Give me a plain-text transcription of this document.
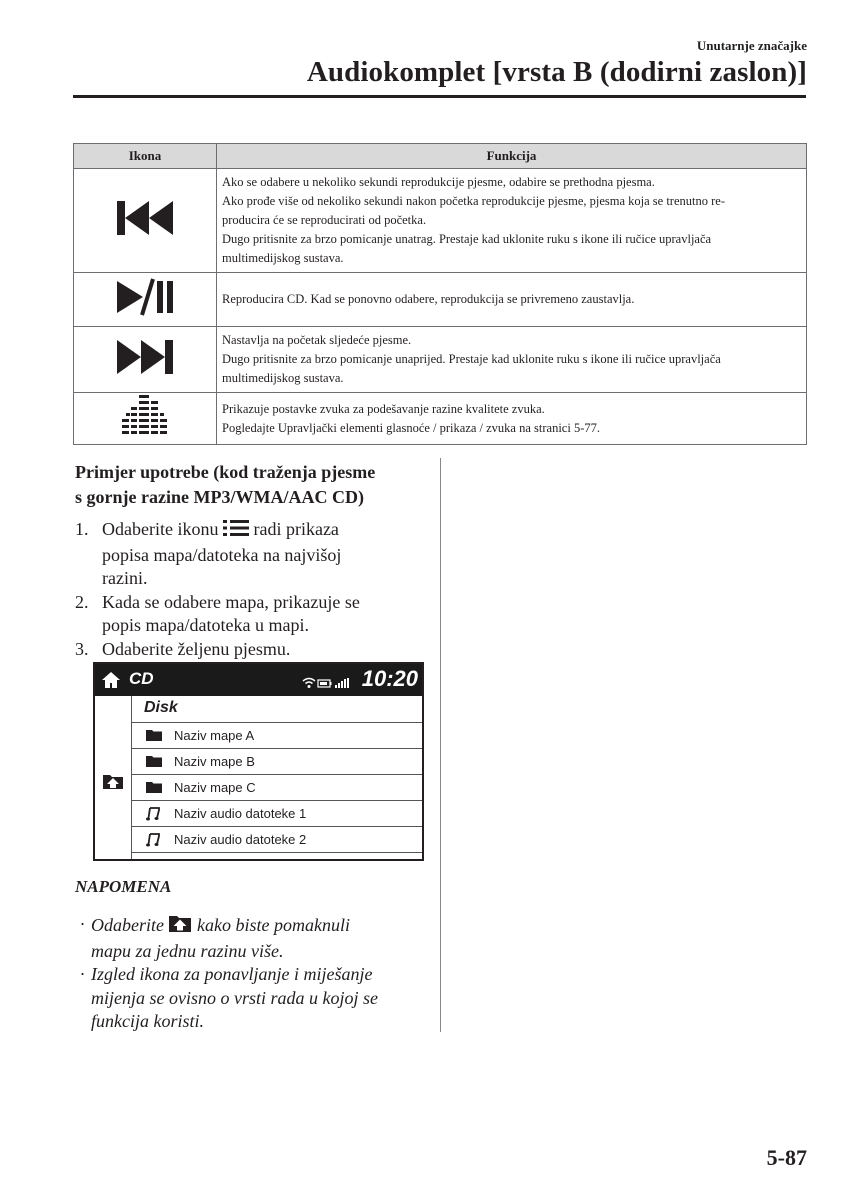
Unutarnje značajke
Audiokomplet [vrsta B (dodirni zaslon)]
Ikona	Funkcija

Ako se odabere u nekoliko sekundi reprodukcije pjesme, odabire se prethodna pjesma.
Ako prođe više od nekoliko sekundi nakon početka reprodukcije pjesme, pjesma koja se trenutno re-
producira će se reproducirati od početka.
Dugo pritisnite za brzo pomicanje unatrag. Prestaje kad uklonite ruku s ikone ili ručice upravljača
multimedijskog sustava.

Reproducira CD. Kad se ponovno odabere, reprodukcija se privremeno zaustavlja.

Nastavlja na početak sljedeće pjesme.
Dugo pritisnite za brzo pomicanje unaprijed. Prestaje kad uklonite ruku s ikone ili ručice upravljača
multimedijskog sustava.

Prikazuje postavke zvuka za podešavanje razine kvalitete zvuka.
Pogledajte Upravljački elementi glasnoće / prikaza / zvuka na stranici 5-77.
Primjer upotrebe (kod traženja pjesme
s gornje razine MP3/WMA/AAC CD)
1. Odaberite ikonu radi prikaza
popisa mapa/datoteka na najvišoj
razini.
2. Kada se odabere mapa, prikazuje se
popis mapa/datoteka u mapi.
3. Odaberite željenu pjesmu.
CD	10:20
Disk
Naziv mape A
Naziv mape B
Naziv mape C
Naziv audio datoteke 1
Naziv audio datoteke 2
NAPOMENA
· Odaberite kako biste pomaknuli
mapu za jednu razinu više.
· Izgled ikona za ponavljanje i miješanje
mijenja se ovisno o vrsti rada u kojoj se
funkcija koristi.
5-87
